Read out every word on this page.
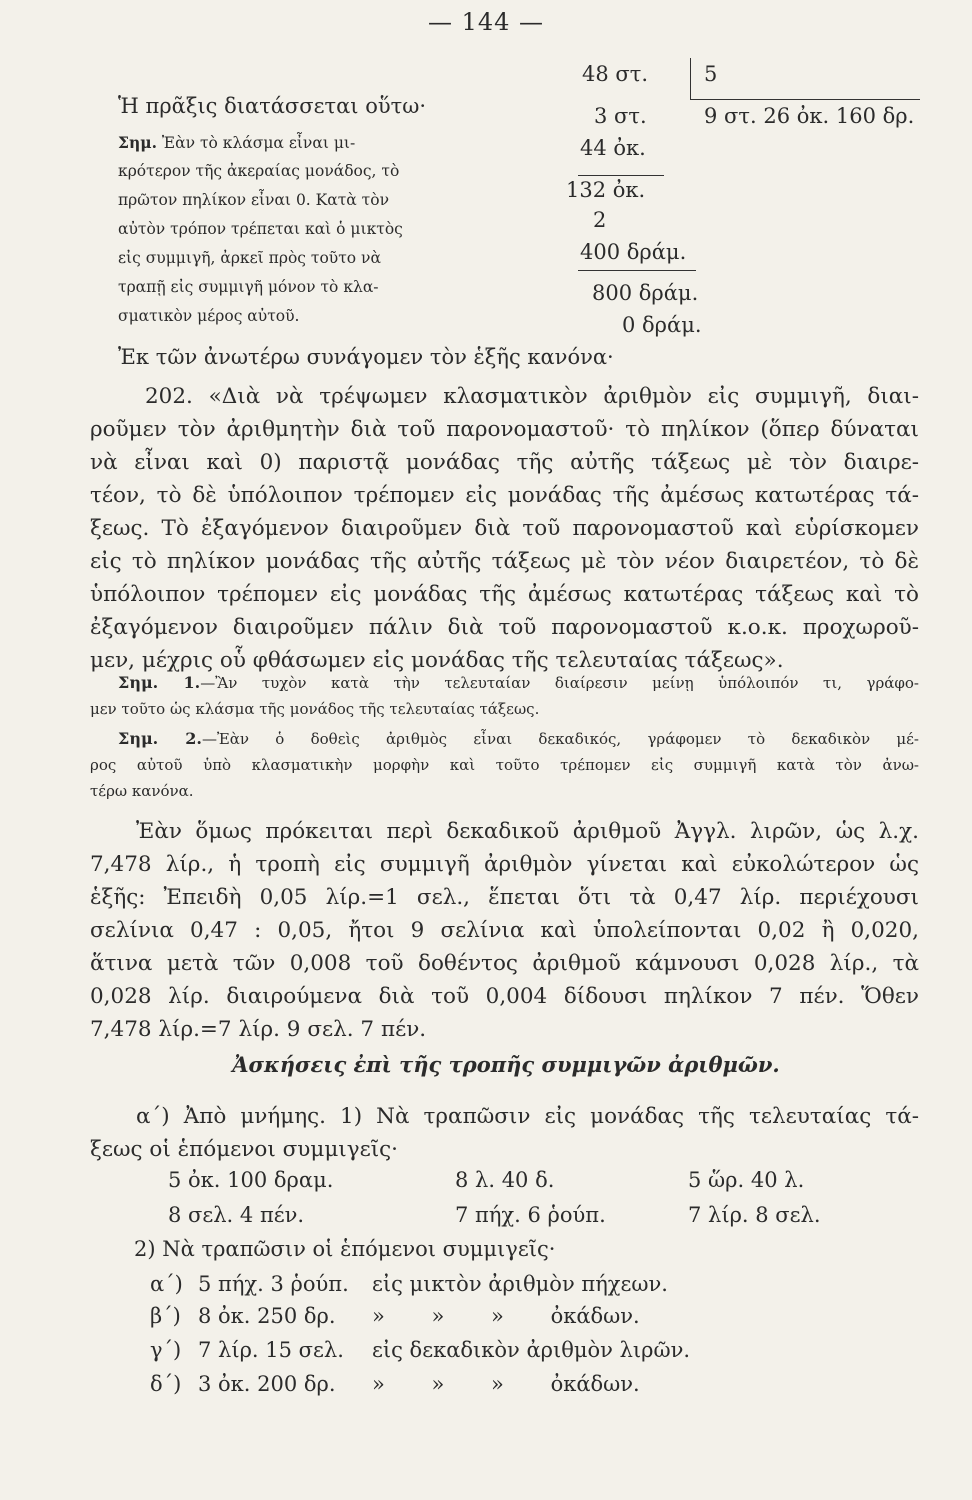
— 144 —
Ἡ πρᾶξις διατάσσεται οὕτω·
Σημ. Ἐὰν τὸ κλάσμα εἶναι μι-
κρότερον τῆς ἀκεραίας μονάδος, τὸ
πρῶτον πηλίκον εἶναι 0. Κατὰ τὸν
αὐτὸν τρόπον τρέπεται καὶ ὁ μικτὸς
εἰς συμμιγῆ, ἀρκεῖ πρὸς τοῦτο νὰ
τραπῇ εἰς συμμιγῆ μόνον τὸ κλα-
σματικὸν μέρος αὐτοῦ.
48 στ.
3 στ.
44 ὀκ.
132 ὀκ.
2
400 δράμ.
800 δράμ.
0 δράμ.
5
9 στ. 26 ὀκ. 160 δρ.
Ἐκ τῶν ἀνωτέρω συνάγομεν τὸν ἑξῆς κανόνα·
202. «Διὰ νὰ τρέψωμεν κλασματικὸν ἀριθμὸν εἰς συμμιγῆ, διαι-
ροῦμεν τὸν ἀριθμητὴν διὰ τοῦ παρονομαστοῦ· τὸ πηλίκον (ὅπερ δύναται
νὰ εἶναι καὶ 0) παριστᾷ μονάδας τῆς αὐτῆς τάξεως μὲ τὸν διαιρε-
τέον, τὸ δὲ ὑπόλοιπον τρέπομεν εἰς μονάδας τῆς ἀμέσως κατωτέρας τά-
ξεως. Τὸ ἐξαγόμενον διαιροῦμεν διὰ τοῦ παρονομαστοῦ καὶ εὑρίσκομεν
εἰς τὸ πηλίκον μονάδας τῆς αὐτῆς τάξεως μὲ τὸν νέον διαιρετέον, τὸ δὲ
ὑπόλοιπον τρέπομεν εἰς μονάδας τῆς ἀμέσως κατωτέρας τάξεως καὶ τὸ
ἐξαγόμενον διαιροῦμεν πάλιν διὰ τοῦ παρονομαστοῦ κ.ο.κ. προχωροῦ-
μεν, μέχρις οὗ φθάσωμεν εἰς μονάδας τῆς τελευταίας τάξεως».
Σημ. 1.—Ἂν τυχὸν κατὰ τὴν τελευταίαν διαίρεσιν μείνῃ ὑπόλοιπόν τι, γράφο-
μεν τοῦτο ὡς κλάσμα τῆς μονάδος τῆς τελευταίας τάξεως.
Σημ. 2.—Ἐὰν ὁ δοθεὶς ἀριθμὸς εἶναι δεκαδικός, γράφομεν τὸ δεκαδικὸν μέ-
ρος αὐτοῦ ὑπὸ κλασματικὴν μορφὴν καὶ τοῦτο τρέπομεν εἰς συμμιγῆ κατὰ τὸν ἀνω-
τέρω κανόνα.
Ἐὰν ὅμως πρόκειται περὶ δεκαδικοῦ ἀριθμοῦ Ἀγγλ. λιρῶν, ὡς λ.χ.
7,478 λίρ., ἡ τροπὴ εἰς συμμιγῆ ἀριθμὸν γίνεται καὶ εὐκολώτερον ὡς
ἑξῆς: Ἐπειδὴ 0,05 λίρ.=1 σελ., ἕπεται ὅτι τὰ 0,47 λίρ. περιέχουσι
σελίνια 0,47 : 0,05, ἤτοι 9 σελίνια καὶ ὑπολείπονται 0,02 ἢ 0,020,
ἅτινα μετὰ τῶν 0,008 τοῦ δοθέντος ἀριθμοῦ κάμνουσι 0,028 λίρ., τὰ
0,028 λίρ. διαιρούμενα διὰ τοῦ 0,004 δίδουσι πηλίκον 7 πέν. Ὅθεν
7,478 λίρ.=7 λίρ. 9 σελ. 7 πέν.
Ἀσκήσεις ἐπὶ τῆς τροπῆς συμμιγῶν ἀριθμῶν.
α΄) Ἀπὸ μνήμης. 1) Νὰ τραπῶσιν εἰς μονάδας τῆς τελευταίας τά-
ξεως οἱ ἑπόμενοι συμμιγεῖς·
5 ὀκ. 100 δραμ.	8 λ. 40 δ.	5 ὥρ. 40 λ.
8 σελ. 4 πέν.	7 πήχ. 6 ῥούπ.	7 λίρ. 8 σελ.
2) Νὰ τραπῶσιν οἱ ἑπόμενοι συμμιγεῖς·
α΄) 5 πήχ. 3 ῥούπ. εἰς μικτὸν ἀριθμὸν πήχεων.
β΄) 8 ὀκ. 250 δρ. » » » ὀκάδων.
γ΄) 7 λίρ. 15 σελ. εἰς δεκαδικὸν ἀριθμὸν λιρῶν.
δ΄) 3 ὀκ. 200 δρ. » » » ὀκάδων.
